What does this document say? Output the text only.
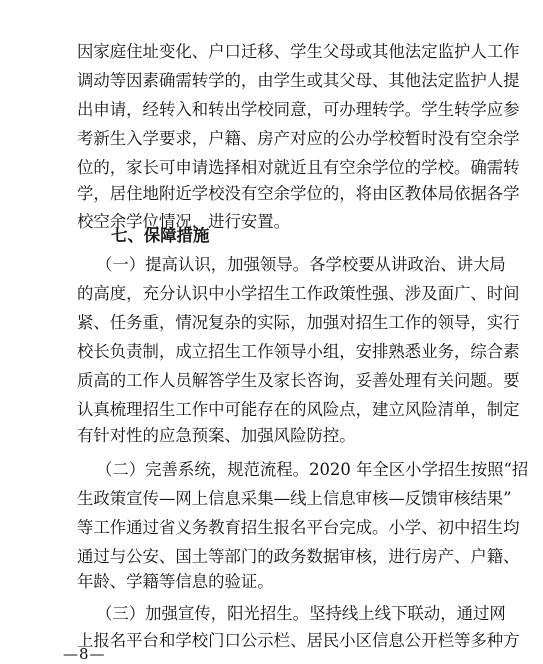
因家庭住址变化、户口迁移、学生父母或其他法定监护人工作
调动等因素确需转学的，由学生或其父母、其他法定监护人提
出申请，经转入和转出学校同意，可办理转学。学生转学应参
考新生入学要求，户籍、房产对应的公办学校暂时没有空余学
位的，家长可申请选择相对就近且有空余学位的学校。确需转
学，居住地附近学校没有空余学位的，将由区教体局依据各学
校空余学位情况，进行安置。
七、保障措施
（一）提高认识，加强领导。各学校要从讲政治、讲大局
的高度，充分认识中小学招生工作政策性强、涉及面广、时间
紧、任务重，情况复杂的实际，加强对招生工作的领导，实行
校长负责制，成立招生工作领导小组，安排熟悉业务，综合素
质高的工作人员解答学生及家长咨询，妥善处理有关问题。要
认真梳理招生工作中可能存在的风险点，建立风险清单，制定
有针对性的应急预案、加强风险防控。
（二）完善系统，规范流程。2020 年全区小学招生按照“招
生政策宣传—网上信息采集—线上信息审核—反馈审核结果”
等工作通过省义务教育招生报名平台完成。小学、初中招生均
通过与公安、国土等部门的政务数据审核，进行房产、户籍、
年龄、学籍等信息的验证。
（三）加强宣传，阳光招生。坚持线上线下联动，通过网
上报名平台和学校门口公示栏、居民小区信息公开栏等多种方
—8—
